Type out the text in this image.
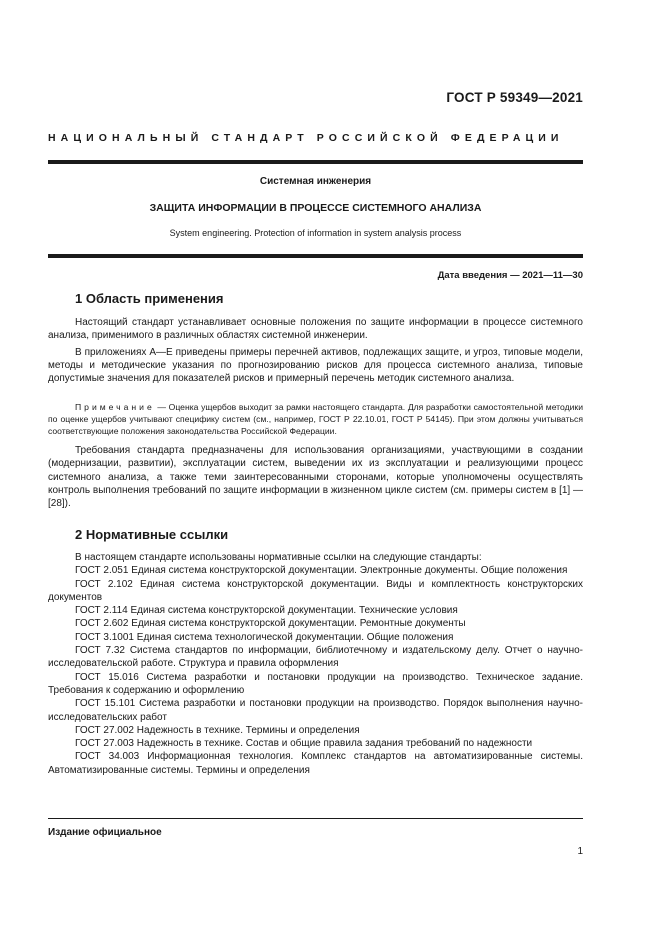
ГОСТ Р 59349—2021
НАЦИОНАЛЬНЫЙ СТАНДАРТ РОССИЙСКОЙ ФЕДЕРАЦИИ
Системная инженерия
ЗАЩИТА ИНФОРМАЦИИ В ПРОЦЕССЕ СИСТЕМНОГО АНАЛИЗА
System engineering. Protection of information in system analysis process
Дата введения — 2021—11—30
1 Область применения

Настоящий стандарт устанавливает основные положения по защите информации в процессе системного анализа, применимого в различных областях системной инженерии.

В приложениях А—Е приведены примеры перечней активов, подлежащих защите, и угроз, типовые модели, методы и методические указания по прогнозированию рисков для процесса системного анализа, типовые допустимые значения для показателей рисков и примерный перечень методик системного анализа.

Примечание — Оценка ущербов выходит за рамки настоящего стандарта. Для разработки самостоятельной методики по оценке ущербов учитывают специфику систем (см., например, ГОСТ Р 22.10.01, ГОСТ Р 54145). При этом должны учитываться соответствующие положения законодательства Российской Федерации.

Требования стандарта предназначены для использования организациями, участвующими в создании (модернизации, развитии), эксплуатации систем, выведении их из эксплуатации и реализующими процесс системного анализа, а также теми заинтересованными сторонами, которые уполномочены осуществлять контроль выполнения требований по защите информации в жизненном цикле систем (см. примеры систем в [1] — [28]).

2 Нормативные ссылки

В настоящем стандарте использованы нормативные ссылки на следующие стандарты:

ГОСТ 2.051 Единая система конструкторской документации. Электронные документы. Общие положения

ГОСТ 2.102 Единая система конструкторской документации. Виды и комплектность конструкторских документов

ГОСТ 2.114 Единая система конструкторской документации. Технические условия

ГОСТ 2.602 Единая система конструкторской документации. Ремонтные документы

ГОСТ 3.1001 Единая система технологической документации. Общие положения

ГОСТ 7.32 Система стандартов по информации, библиотечному и издательскому делу. Отчет о научно-исследовательской работе. Структура и правила оформления

ГОСТ 15.016 Система разработки и постановки продукции на производство. Техническое задание. Требования к содержанию и оформлению

ГОСТ 15.101 Система разработки и постановки продукции на производство. Порядок выполнения научно-исследовательских работ

ГОСТ 27.002 Надежность в технике. Термины и определения

ГОСТ 27.003 Надежность в технике. Состав и общие правила задания требований по надежности

ГОСТ 34.003 Информационная технология. Комплекс стандартов на автоматизированные системы. Автоматизированные системы. Термины и определения

Издание официальное
1
